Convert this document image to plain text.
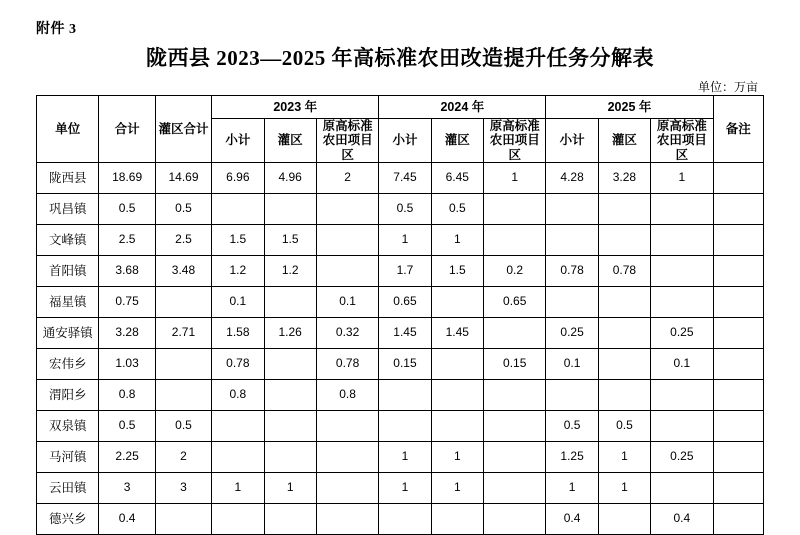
附件 3
陇西县 2023—2025 年高标准农田改造提升任务分解表
单位：万亩
单位	合计	灌区合计	2023 年			2024 年			2025 年			备注
			小计	灌区	原高标准农田项目区	小计	灌区	原高标准农田项目区	小计	灌区	原高标准农田项目区	
陇西县	18.69	14.69	6.96	4.96	2	7.45	6.45	1	4.28	3.28	1	
巩昌镇	0.5	0.5				0.5	0.5					
文峰镇	2.5	2.5	1.5	1.5		1	1					
首阳镇	3.68	3.48	1.2	1.2		1.7	1.5	0.2	0.78	0.78		
福星镇	0.75		0.1		0.1	0.65		0.65				
通安驿镇	3.28	2.71	1.58	1.26	0.32	1.45	1.45		0.25		0.25	
宏伟乡	1.03		0.78		0.78	0.15		0.15	0.1		0.1	
渭阳乡	0.8		0.8		0.8							
双泉镇	0.5	0.5							0.5	0.5		
马河镇	2.25	2				1	1		1.25	1	0.25	
云田镇	3	3	1	1		1	1		1	1		
德兴乡	0.4								0.4		0.4	
